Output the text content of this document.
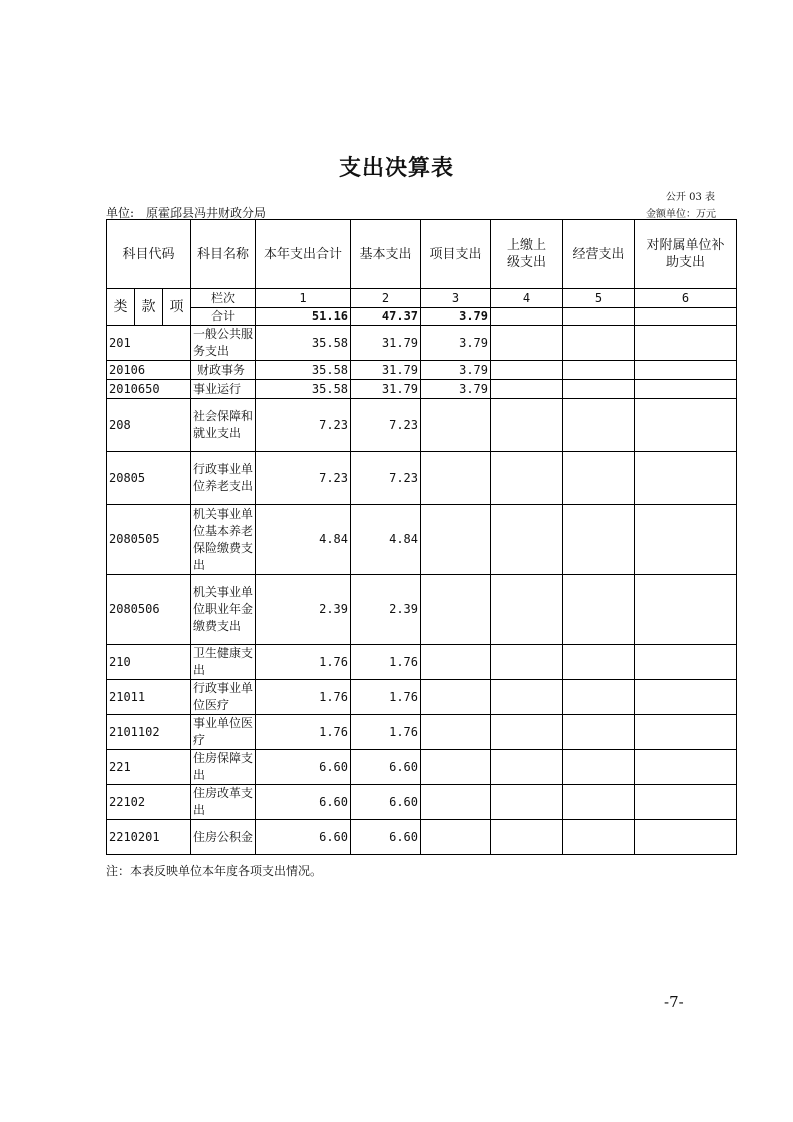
支出决算表
公开 03 表
单位: 原霍邱县冯井财政分局	金额单位：万元
科目代码			科目名称	本年支出合计	基本支出	项目支出	上缴上级支出	经营支出	对附属单位补助支出

类	款	项	栏次	1	2	3	4	5	6
			合计	51.16	47.37	3.79			
201			一般公共服务支出	35.58	31.79	3.79			
20106			财政事务	35.58	31.79	3.79			
2010650			事业运行	35.58	31.79	3.79			
208			社会保障和就业支出	7.23	7.23				
20805			行政事业单位养老支出	7.23	7.23				
2080505			机关事业单位基本养老保险缴费支出	4.84	4.84				
2080506			机关事业单位职业年金缴费支出	2.39	2.39				
210			卫生健康支出	1.76	1.76				
21011			行政事业单位医疗	1.76	1.76				
2101102			事业单位医疗	1.76	1.76				
221			住房保障支出	6.60	6.60				
22102			住房改革支出	6.60	6.60				
2210201			住房公积金	6.60	6.60				
注：本表反映单位本年度各项支出情况。
-7-
